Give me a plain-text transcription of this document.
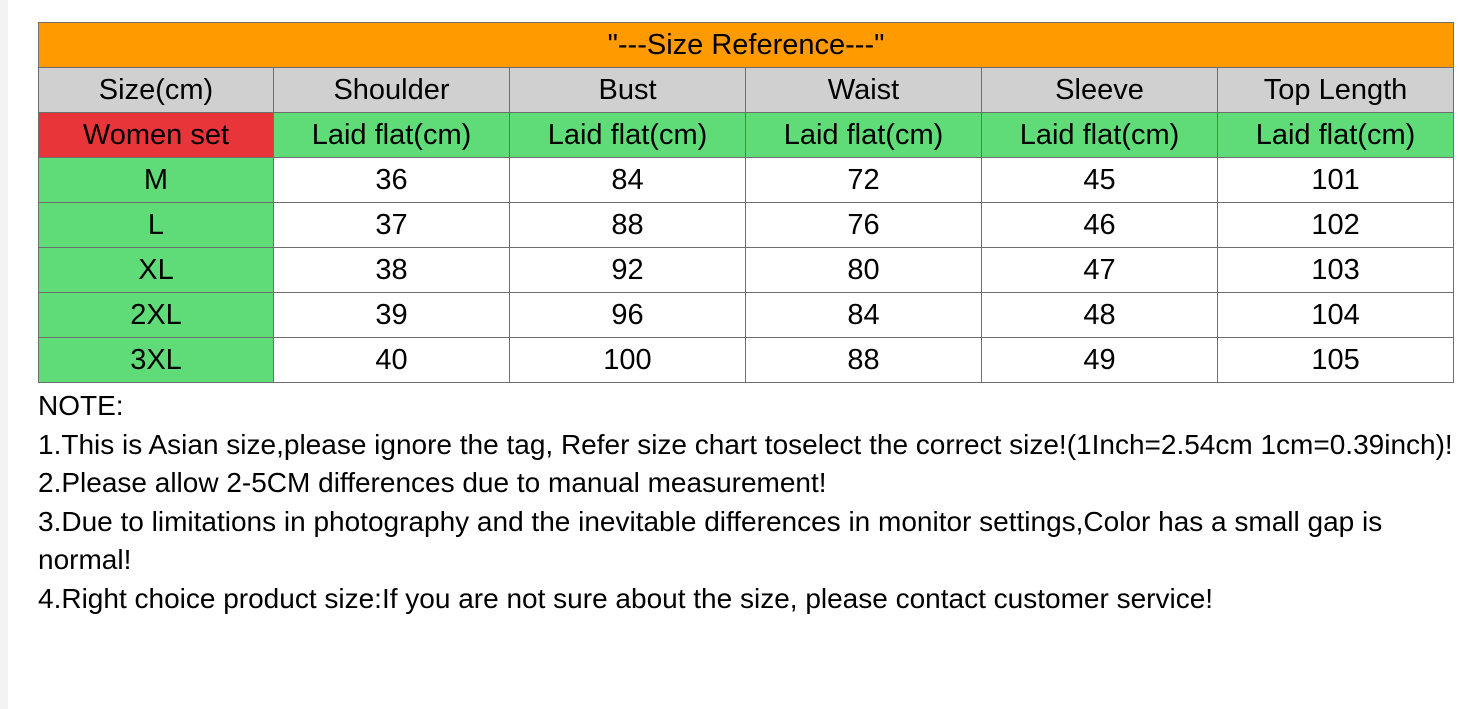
"---Size Reference---"					
Size(cm)	Shoulder	Bust	Waist	Sleeve	Top Length
Women set	Laid flat(cm)	Laid flat(cm)	Laid flat(cm)	Laid flat(cm)	Laid flat(cm)
M	36	84	72	45	101
L	37	88	76	46	102
XL	38	92	80	47	103
2XL	39	96	84	48	104
3XL	40	100	88	49	105

NOTE:

1.This is Asian size,please ignore the tag, Refer size chart toselect the correct size!(1Inch=2.54cm 1cm=0.39inch)!

2.Please allow 2-5CM differences due to manual measurement!

3.Due to limitations in photography and the inevitable differences in monitor settings,Color has a small gap is normal!

4.Right choice product size:If you are not sure about the size, please contact customer service!
